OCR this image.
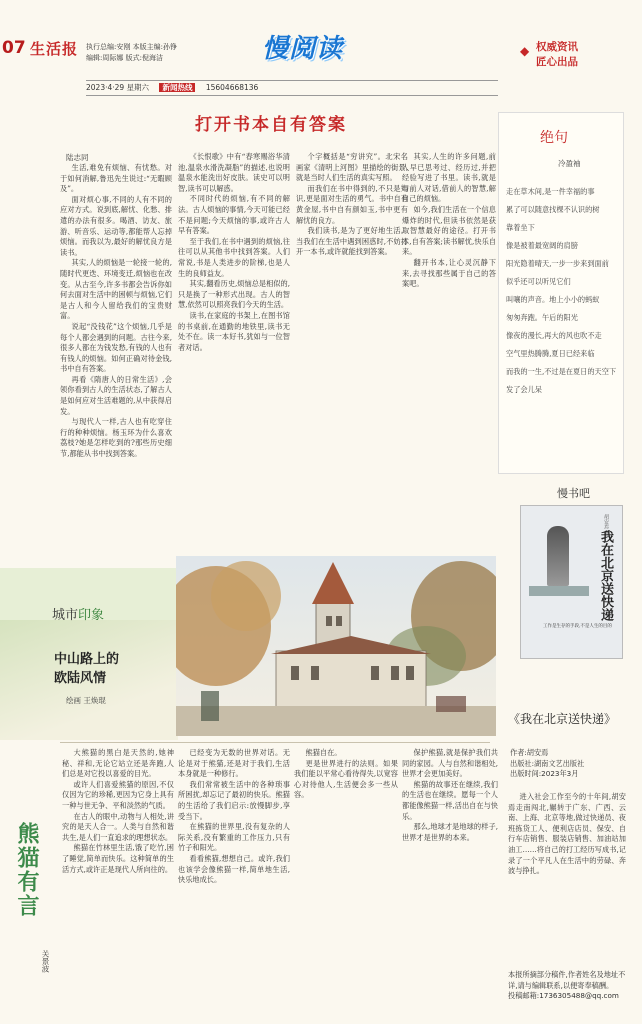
07 生活报 执行总编:安刚 本版主编:孙铮
编辑:周际娜 版式:倪海洁	慢阅读	◆ 权威资讯
匠心出品
2023·4·29 星期六 新闻热线 15604668136
打开书本自有答案
陆志同

生活,难免有烦恼、有忧愁。对于如何消解,鲁迅先生说过:“无暇顾及”。

面对烦心事,不同的人有不同的应对方式。说到底,解忧、化愁、排遣的办法有很多。喝酒、访友、旅游、听音乐、运动等,都能帮人忘掉烦恼。而我以为,最好的解忧良方是读书。

其实,人的烦恼是一轮接一轮的,随时代更迭、环境变迁,烦恼也在改变。从古至今,许多书都会告诉你如何去面对生活中的困顿与烦恼,它们是古人和今人留给我们的宝贵财富。

说起“没钱花”这个烦恼,几乎是每个人都会遇到的问题。古往今来,很多人都在为钱发愁,有钱的人也有有钱人的烦恼。如何正确对待金钱,书中自有答案。

再看《隋唐人的日常生活》,会领你看到古人的生活状态,了解古人是如何应对生活难题的,从中获得启发。

与现代人一样,古人也有吃穿住行的种种烦恼。杨玉环为什么喜欢荔枝?她是怎样吃到的?那些历史细节,都能从书中找到答案。

《长恨歌》中有“春寒赐浴华清池,温泉水滑洗凝脂”的描述,也说明温泉水能洗出好皮肤。读史可以明智,读书可以解惑。

不同时代的烦恼,有不同的解法。古人烦恼的事情,今天可能已经不是问题;今天烦恼的事,或许古人早有答案。

至于我们,在书中遇到的烦恼,往往可以从其他书中找到答案。人们常说,书是人类进步的阶梯,也是人生的良师益友。

其实,翻看历史,烦恼总是相似的,只是换了一种形式出现。古人的智慧,依然可以照亮我们今天的生活。

读书,在家庭的书架上,在图书馆的书桌前,在通勤的地铁里,读书无处不在。读一本好书,犹如与一位智者对话。

个字概括是“穷讲究”。北宋名画家《清明上河图》里描绘的街景,就是当时人们生活的真实写照。

而我们在书中得到的,不只是知识,更是面对生活的勇气。书中自有黄金屋,书中自有颜如玉,书中更有解忧的良方。

我们读书,是为了更好地生活。当我们在生活中遇到困惑时,不妨打开一本书,或许就能找到答案。

其实,人生的许多问题,前人早已思考过、经历过,并把经验写进了书里。读书,就是与前人对话,借前人的智慧,解自己的烦恼。

如今,我们生活在一个信息爆炸的时代,但读书依然是获取智慧最好的途径。打开书本,自有答案;读书解忧,快乐自来。

翻开书本,让心灵沉静下来,去寻找那些属于自己的答案吧。

绝句
冷盈袖
走在草木间,是一件幸福的事
累了可以随意找棵不认识的树
靠着坐下
像是被着最宽阔的肩膀
阳光隐着晴天,一步一步来到面前
似乎还可以听见它们
叫嚷的声音。地上小小的蚂蚁
匆匆奔跑。午后的阳光
像夜的漫长,再大的风也吹不走
空气里热腾腾,夏日已经来临
而我的一生,不过是在夏日的天空下
发了会儿呆
慢书吧
胡安焉 著
我在北京送快递
工作是生存的手段,不是人生的目的
《我在北京送快递》
作者:胡安焉
出版社:湖南文艺出版社
出版时间:2023年3月

进入社会工作至今的十年间,胡安焉走南闯北,辗转于广东、广西、云南、上海、北京等地,做过快递员、夜班拣货工人、便利店店员、保安、自行车店销售、服装店销售、加油站加油工……将自己的打工经历写成书,记录了一个平凡人在生活中的劳碌、奔波与挣扎。

本报所摘部分稿件,作者姓名及地址不详,请与编辑联系,以便寄奉稿酬。
投稿邮箱:1736305488@qq.com
城市印象
中山路上的
欧陆风情
绘画 王焕琨
熊猫有言
关景波

大熊猫的黑白是天然的,她神秘、祥和,无论它站立还是奔跑,人们总是对它投以喜爱的目光。

或许人们喜爱熊猫的原因,不仅仅因为它的珍稀,更因为它身上具有一种与世无争、平和淡然的气质。

在古人的眼中,动物与人相处,讲究的是天人合一。人类与自然和谐共生,是人们一直追求的理想状态。

熊猫在竹林里生活,饿了吃竹,困了睡觉,简单而快乐。这种简单的生活方式,或许正是现代人所向往的。

已经变为无数的世界对话。无论是对于熊猫,还是对于我们,生活本身就是一种修行。

我们常常被生活中的各种琐事所困扰,却忘记了最初的快乐。熊猫的生活给了我们启示:放慢脚步,享受当下。

在熊猫的世界里,没有复杂的人际关系,没有繁重的工作压力,只有竹子和阳光。

看看熊猫,想想自己。或许,我们也该学会像熊猫一样,简单地生活,快乐地成长。

熊猫自在。

更是世界进行的法则。如果我们能以平常心看待得失,以宽容心对待他人,生活便会多一些从容。

保护熊猫,就是保护我们共同的家园。人与自然和谐相处,世界才会更加美好。

熊猫的故事还在继续,我们的生活也在继续。愿每一个人都能像熊猫一样,活出自在与快乐。

那么,地球才是地球的样子,世界才是世界的本来。
